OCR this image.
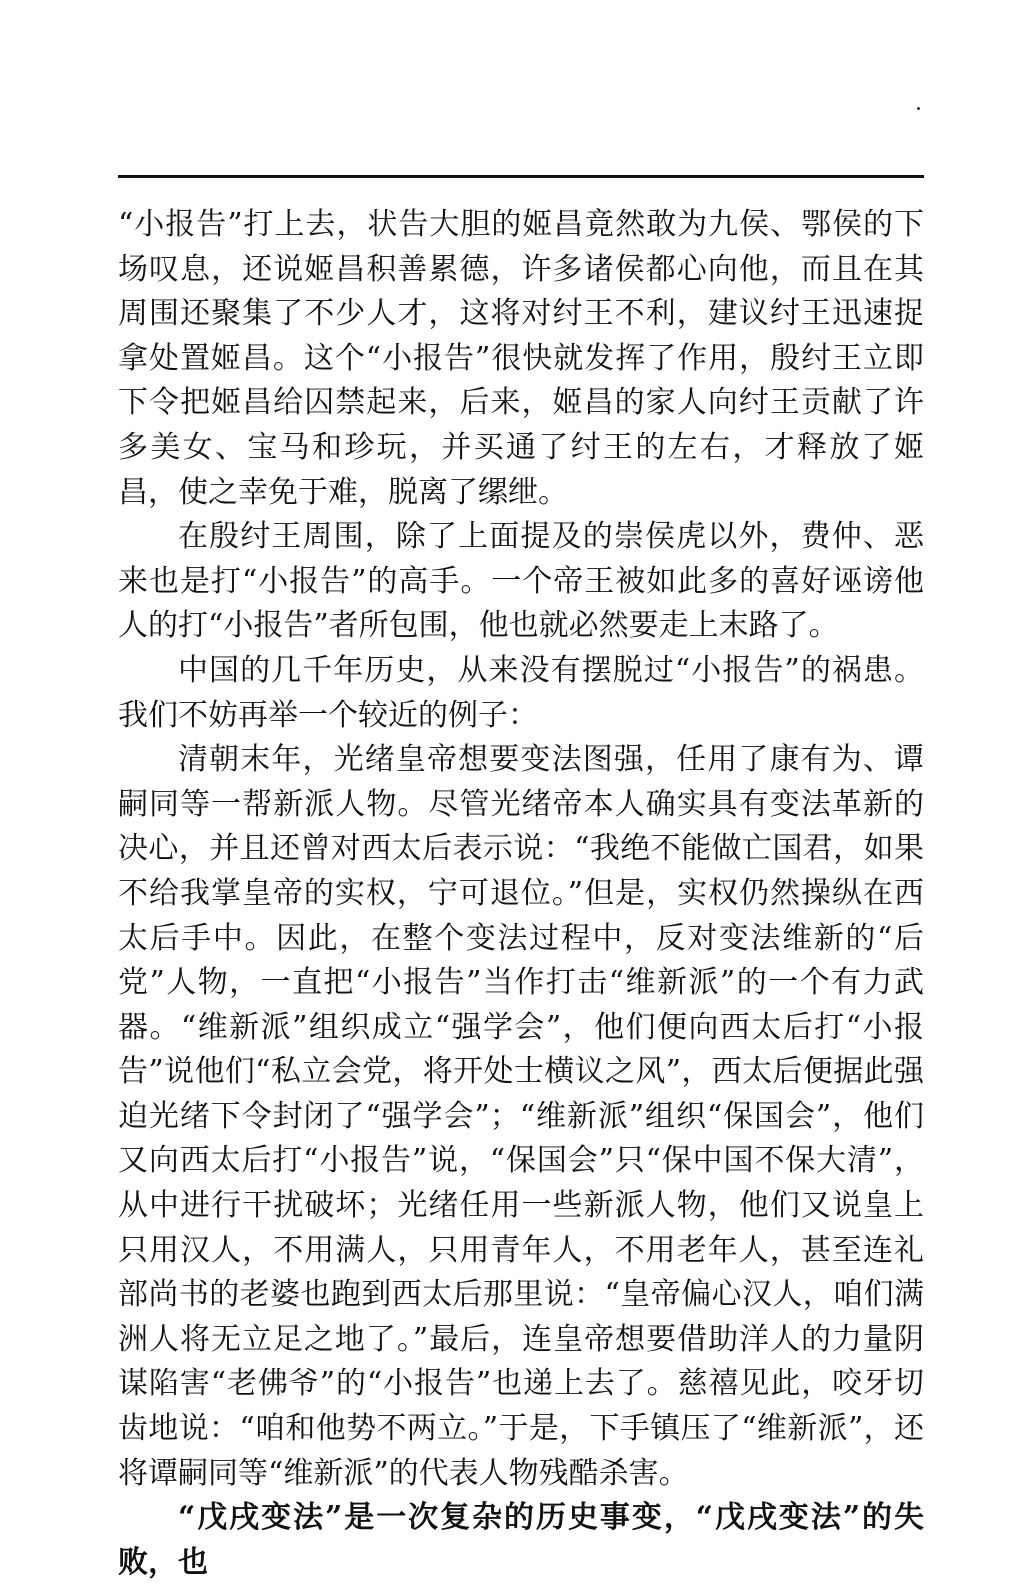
“小报告”打上去，状告大胆的姬昌竟然敢为九侯、鄂侯的下场叹息，还说姬昌积善累德，许多诸侯都心向他，而且在其周围还聚集了不少人才，这将对纣王不利，建议纣王迅速捉拿处置姬昌。这个“小报告”很快就发挥了作用，殷纣王立即下令把姬昌给囚禁起来，后来，姬昌的家人向纣王贡献了许多美女、宝马和珍玩，并买通了纣王的左右，才释放了姬昌，使之幸免于难，脱离了缧绁。

在殷纣王周围，除了上面提及的崇侯虎以外，费仲、恶来也是打“小报告”的高手。一个帝王被如此多的喜好诬谤他人的打“小报告”者所包围，他也就必然要走上末路了。

中国的几千年历史，从来没有摆脱过“小报告”的祸患。我们不妨再举一个较近的例子：

清朝末年，光绪皇帝想要变法图强，任用了康有为、谭嗣同等一帮新派人物。尽管光绪帝本人确实具有变法革新的决心，并且还曾对西太后表示说：“我绝不能做亡国君，如果不给我掌皇帝的实权，宁可退位。”但是，实权仍然操纵在西太后手中。因此，在整个变法过程中，反对变法维新的“后党”人物，一直把“小报告”当作打击“维新派”的一个有力武器。“维新派”组织成立“强学会”，他们便向西太后打“小报告”说他们“私立会党，将开处士横议之风”，西太后便据此强迫光绪下令封闭了“强学会”；“维新派”组织“保国会”，他们又向西太后打“小报告”说，“保国会”只“保中国不保大清”，从中进行干扰破坏；光绪任用一些新派人物，他们又说皇上只用汉人，不用满人，只用青年人，不用老年人，甚至连礼部尚书的老婆也跑到西太后那里说：“皇帝偏心汉人，咱们满洲人将无立足之地了。”最后，连皇帝想要借助洋人的力量阴谋陷害“老佛爷”的“小报告”也递上去了。慈禧见此，咬牙切齿地说：“咱和他势不两立。”于是，下手镇压了“维新派”，还将谭嗣同等“维新派”的代表人物残酷杀害。

“戊戌变法”是一次复杂的历史事变，“戊戌变法”的失败，也
